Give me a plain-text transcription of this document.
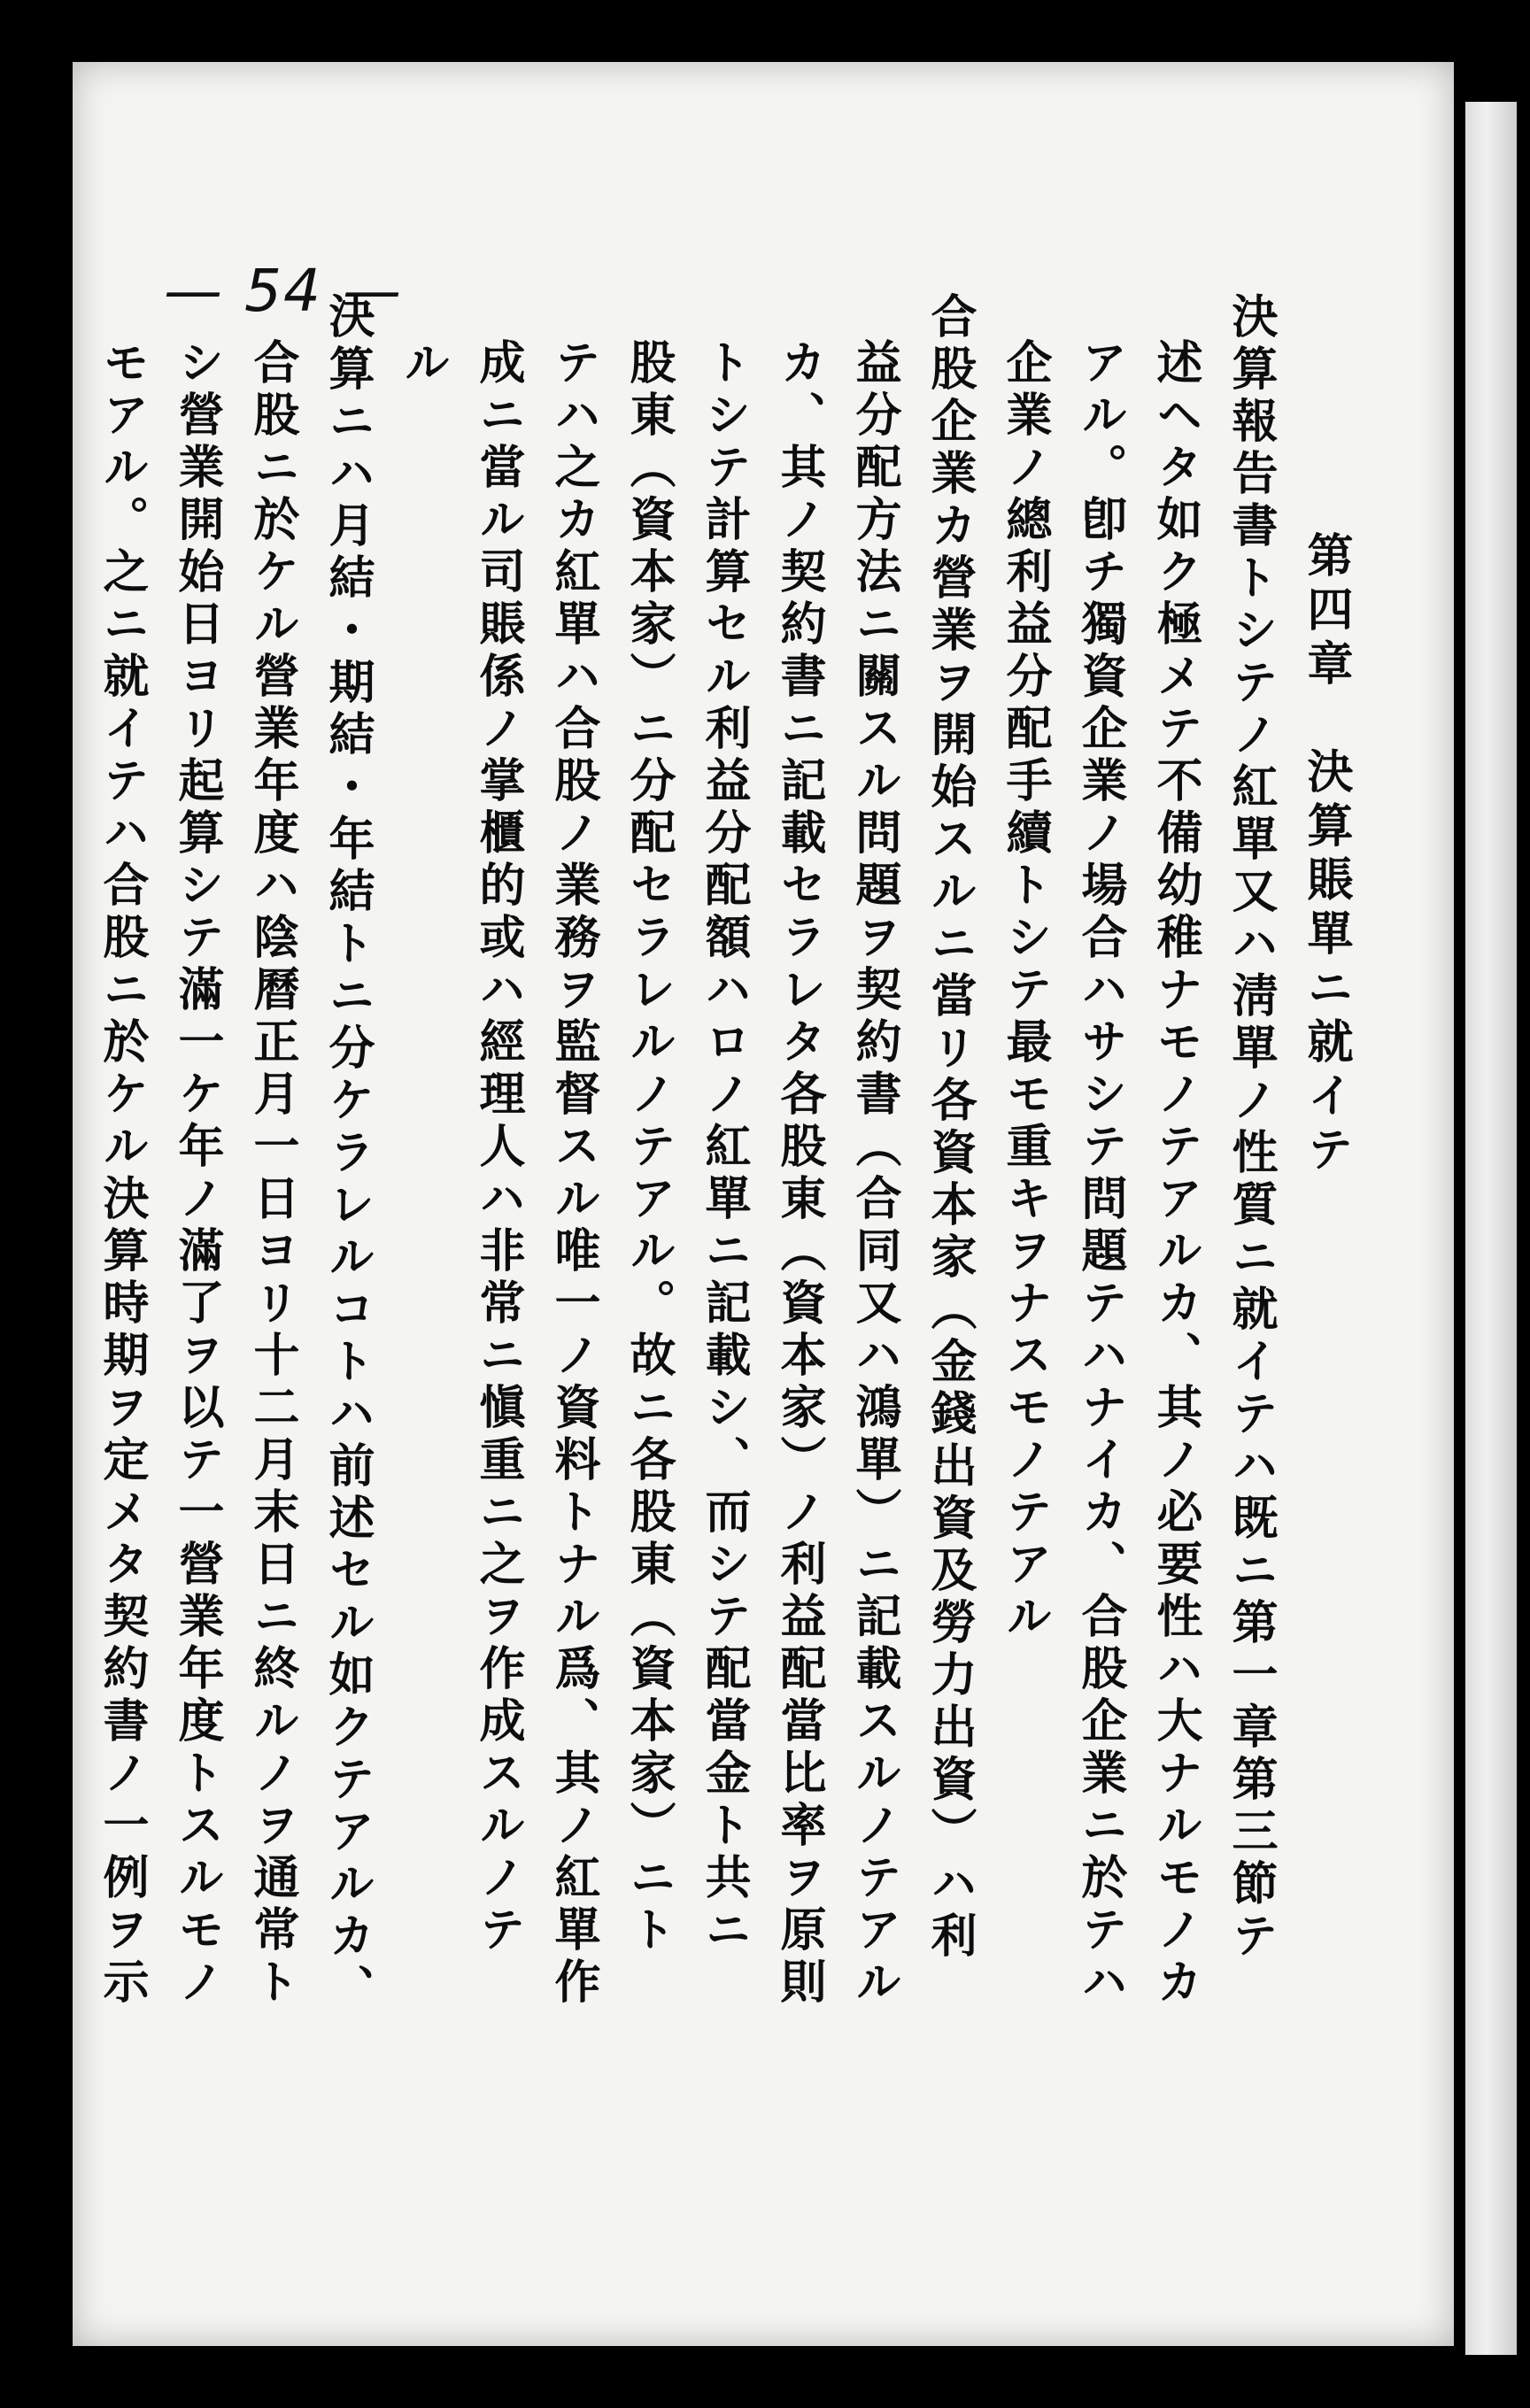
— 54 —
第四章　決算賬單ニ就イテ
決算報告書トシテノ紅單又ハ淸單ノ性質ニ就イテハ既ニ第一章第三節テ
述ヘタ如ク極メテ不備幼稚ナモノテアルカ、其ノ必要性ハ大ナルモノカ
アル。卽チ獨資企業ノ場合ハサシテ問題テハナイカ、合股企業ニ於テハ
企業ノ總利益分配手續トシテ最モ重キヲナスモノテアル
合股企業カ營業ヲ開始スルニ當リ各資本家（金錢出資及勞力出資）ハ利
益分配方法ニ關スル問題ヲ契約書（合同又ハ鴻單）ニ記載スルノテアル
カ、其ノ契約書ニ記載セラレタ各股東（資本家）ノ利益配當比率ヲ原則
トシテ計算セル利益分配額ハロノ紅單ニ記載シ、而シテ配當金ト共ニ
股東（資本家）ニ分配セラレルノテアル。故ニ各股東（資本家）ニト
テハ之カ紅單ハ合股ノ業務ヲ監督スル唯一ノ資料トナル爲、其ノ紅單作
成ニ當ル司賬係ノ掌櫃的或ハ經理人ハ非常ニ愼重ニ之ヲ作成スルノテ
ル
決算ニハ月結・期結・年結トニ分ケラレルコトハ前述セル如クテアルカ、
合股ニ於ケル營業年度ハ陰曆正月一日ヨリ十二月末日ニ終ルノヲ通常ト
シ營業開始日ヨリ起算シテ滿一ケ年ノ滿了ヲ以テ一營業年度トスルモノ
モアル。之ニ就イテハ合股ニ於ケル決算時期ヲ定メタ契約書ノ一例ヲ示
